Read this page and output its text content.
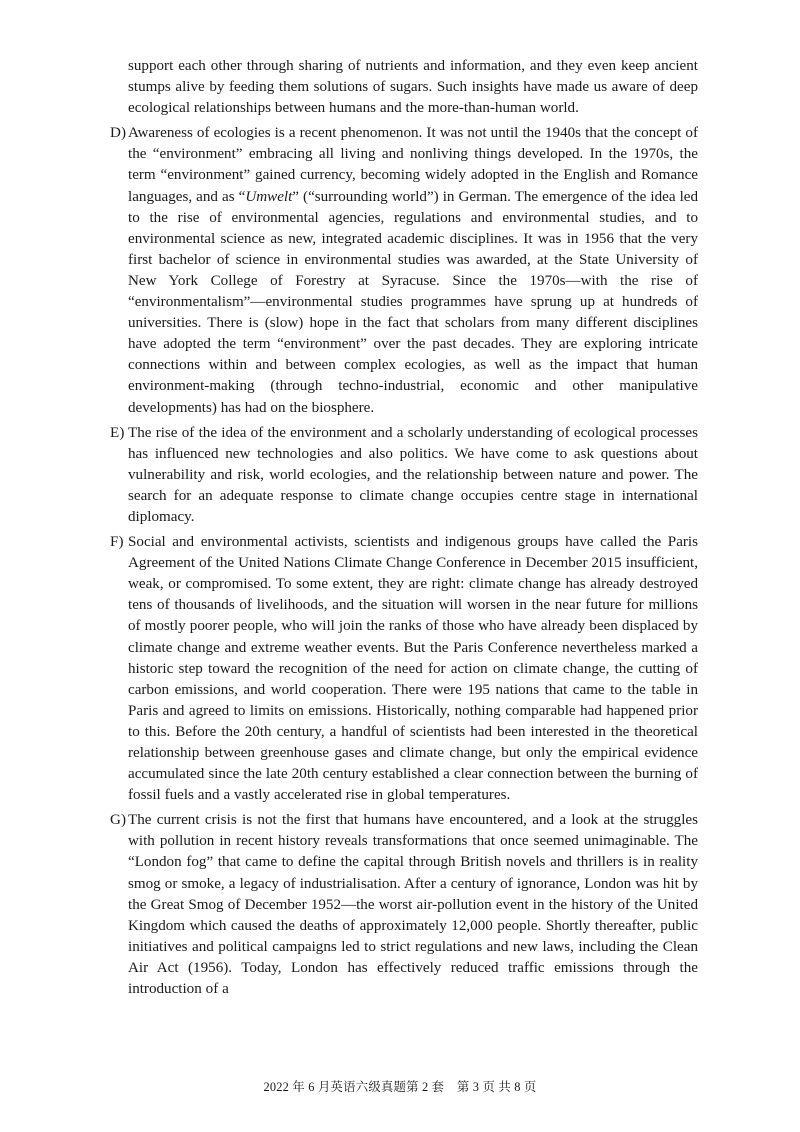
support each other through sharing of nutrients and information, and they even keep ancient stumps alive by feeding them solutions of sugars. Such insights have made us aware of deep ecological relationships between humans and the more-than-human world.
D) Awareness of ecologies is a recent phenomenon. It was not until the 1940s that the concept of the “environment” embracing all living and nonliving things developed. In the 1970s, the term “environment” gained currency, becoming widely adopted in the English and Romance languages, and as “Umwelt” (“surrounding world”) in German. The emergence of the idea led to the rise of environmental agencies, regulations and environmental studies, and to environmental science as new, integrated academic disciplines. It was in 1956 that the very first bachelor of science in environmental studies was awarded, at the State University of New York College of Forestry at Syracuse. Since the 1970s—with the rise of “environmentalism”—environmental studies programmes have sprung up at hundreds of universities. There is (slow) hope in the fact that scholars from many different disciplines have adopted the term “environment” over the past decades. They are exploring intricate connections within and between complex ecologies, as well as the impact that human environment-making (through techno-industrial, economic and other manipulative developments) has had on the biosphere.
E) The rise of the idea of the environment and a scholarly understanding of ecological processes has influenced new technologies and also politics. We have come to ask questions about vulnerability and risk, world ecologies, and the relationship between nature and power. The search for an adequate response to climate change occupies centre stage in international diplomacy.
F) Social and environmental activists, scientists and indigenous groups have called the Paris Agreement of the United Nations Climate Change Conference in December 2015 insufficient, weak, or compromised. To some extent, they are right: climate change has already destroyed tens of thousands of livelihoods, and the situation will worsen in the near future for millions of mostly poorer people, who will join the ranks of those who have already been displaced by climate change and extreme weather events. But the Paris Conference nevertheless marked a historic step toward the recognition of the need for action on climate change, the cutting of carbon emissions, and world cooperation. There were 195 nations that came to the table in Paris and agreed to limits on emissions. Historically, nothing comparable had happened prior to this. Before the 20th century, a handful of scientists had been interested in the theoretical relationship between greenhouse gases and climate change, but only the empirical evidence accumulated since the late 20th century established a clear connection between the burning of fossil fuels and a vastly accelerated rise in global temperatures.
G) The current crisis is not the first that humans have encountered, and a look at the struggles with pollution in recent history reveals transformations that once seemed unimaginable. The “London fog” that came to define the capital through British novels and thrillers is in reality smog or smoke, a legacy of industrialisation. After a century of ignorance, London was hit by the Great Smog of December 1952—the worst air-pollution event in the history of the United Kingdom which caused the deaths of approximately 12,000 people. Shortly thereafter, public initiatives and political campaigns led to strict regulations and new laws, including the Clean Air Act (1956). Today, London has effectively reduced traffic emissions through the introduction of a
2022 年 6 月英语六级真题第 2 套　第 3 页 共 8 页
